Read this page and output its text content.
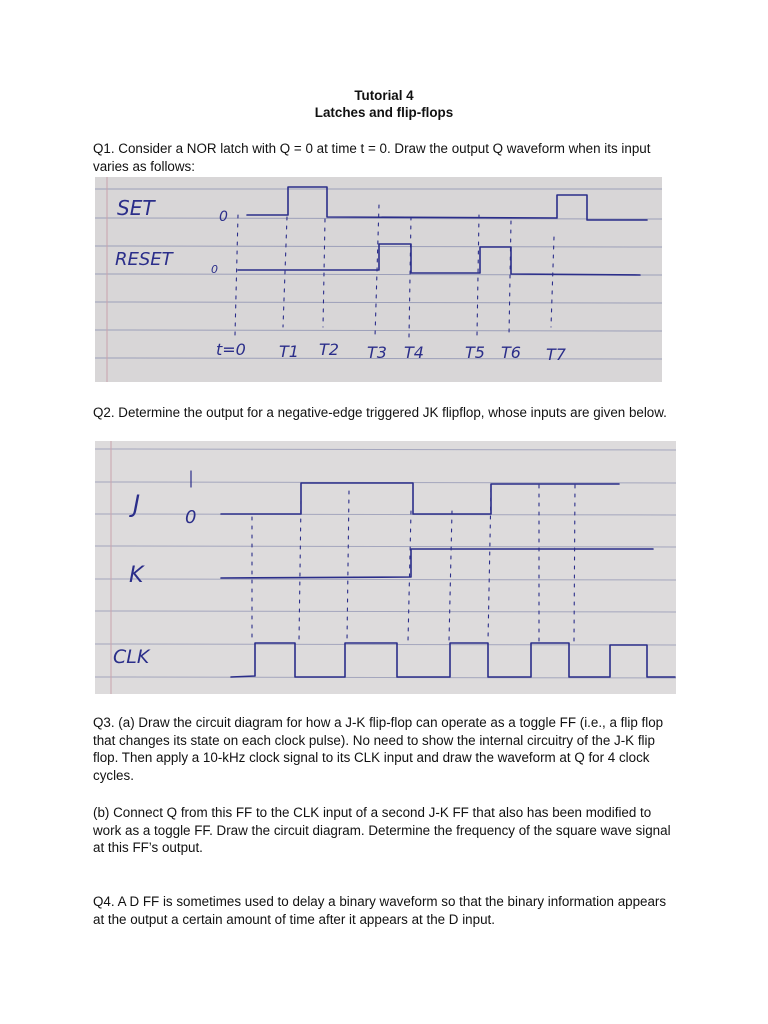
Tutorial 4
Latches and flip-flops
Q1. Consider a NOR latch with Q = 0 at time t = 0. Draw the output Q waveform when its input varies as follows:
SET
RESET
0
0
t=0 T1 T2 T3 T4	T5 T6 T7
Q2. Determine the output for a negative-edge triggered JK flipflop, whose inputs are given below.
J 0
K
CLK
Q3. (a) Draw the circuit diagram for how a J-K flip-flop can operate as a toggle FF (i.e., a flip flop that changes its state on each clock pulse). No need to show the internal circuitry of the J-K flip flop. Then apply a 10-kHz clock signal to its CLK input and draw the waveform at Q for 4 clock cycles.
(b) Connect Q from this FF to the CLK input of a second J-K FF that also has been modified to work as a toggle FF. Draw the circuit diagram. Determine the frequency of the square wave signal at this FF’s output.
Q4. A D FF is sometimes used to delay a binary waveform so that the binary information appears at the output a certain amount of time after it appears at the D input.
